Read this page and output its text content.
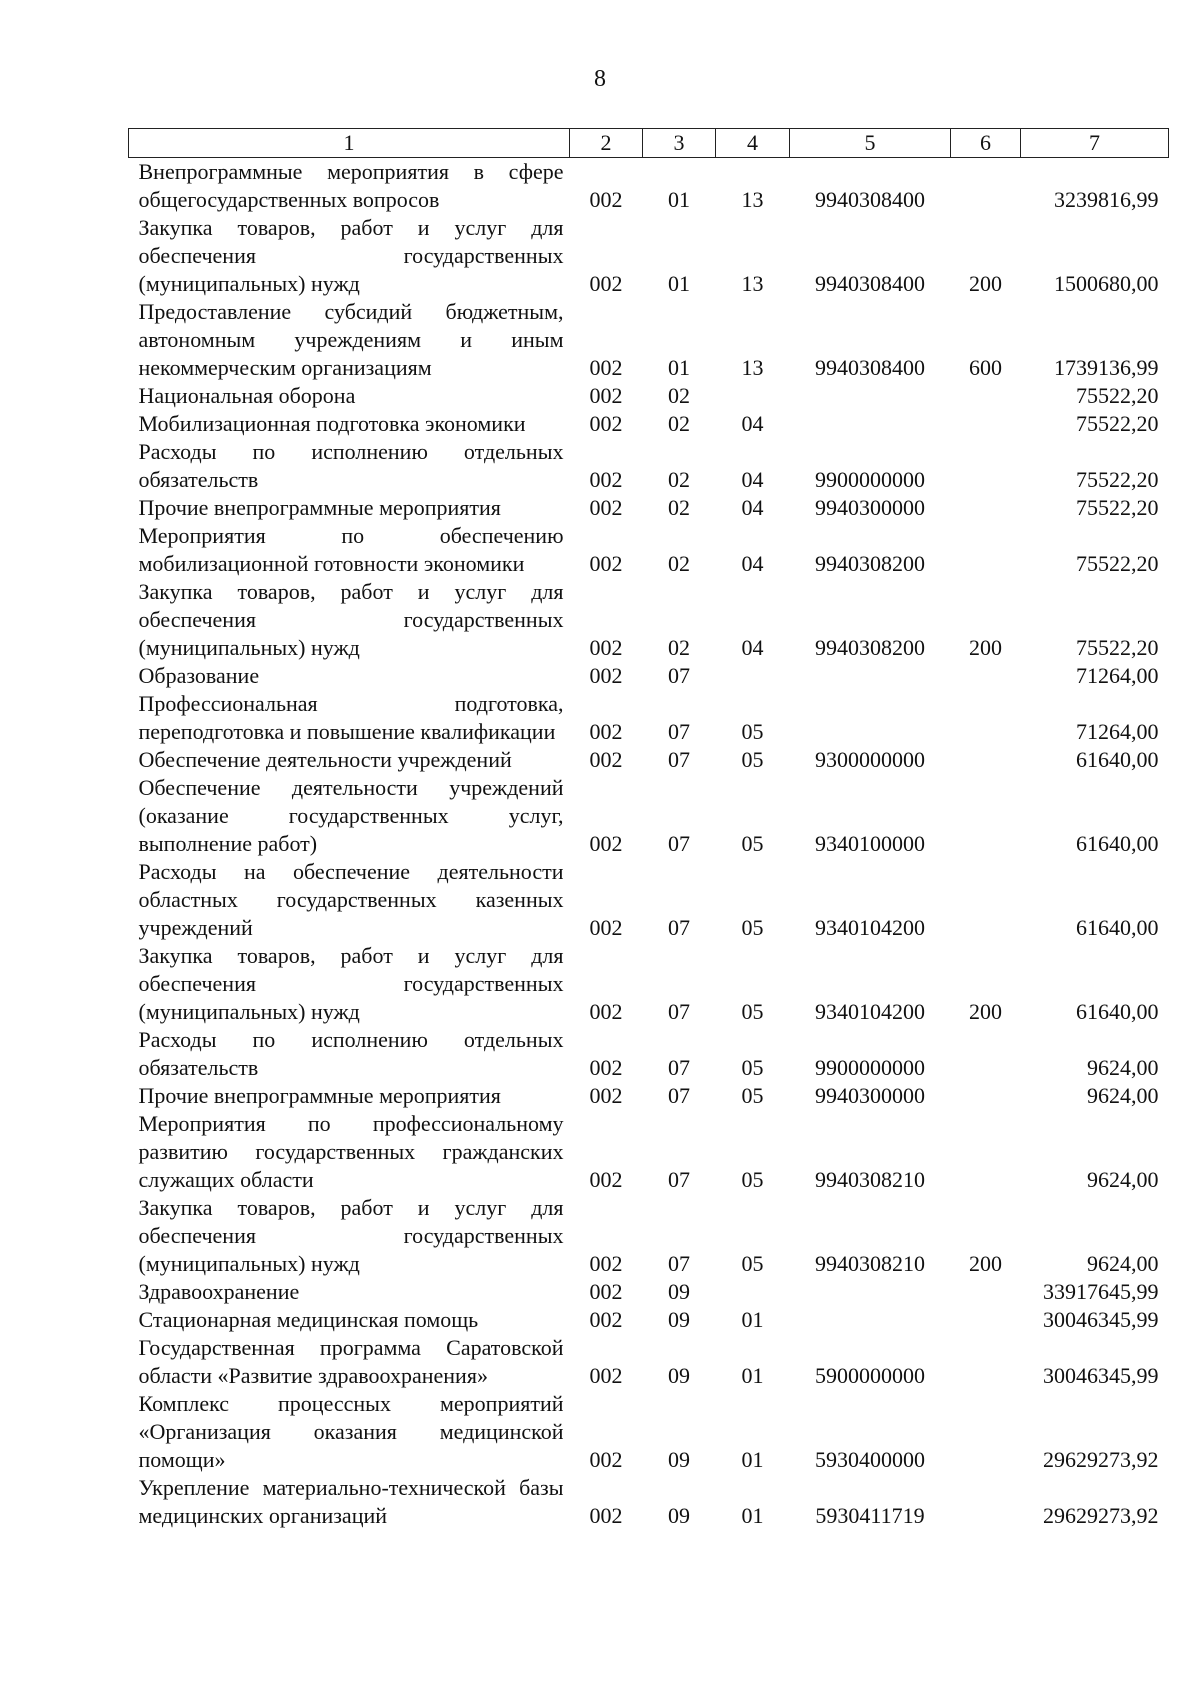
8
1	2	3	4	5	6	7
Внепрограммные мероприятия в сфере общегосударственных вопросов	002	01	13	9940308400		3239816,99
Закупка товаров, работ и услуг для обеспечения государственных (муниципальных) нужд	002	01	13	9940308400	200	1500680,00
Предоставление субсидий бюджетным, автономным учреждениям и иным некоммерческим организациям	002	01	13	9940308400	600	1739136,99
Национальная оборона	002	02				75522,20
Мобилизационная подготовка экономики	002	02	04			75522,20
Расходы по исполнению отдельных обязательств	002	02	04	9900000000		75522,20
Прочие внепрограммные мероприятия	002	02	04	9940300000		75522,20
Мероприятия по обеспечению мобилизационной готовности экономики	002	02	04	9940308200		75522,20
Закупка товаров, работ и услуг для обеспечения государственных (муниципальных) нужд	002	02	04	9940308200	200	75522,20
Образование	002	07				71264,00
Профессиональная подготовка, переподготовка и повышение квалификации	002	07	05			71264,00
Обеспечение деятельности учреждений	002	07	05	9300000000		61640,00
Обеспечение деятельности учреждений (оказание государственных услуг, выполнение работ)	002	07	05	9340100000		61640,00
Расходы на обеспечение деятельности областных государственных казенных учреждений	002	07	05	9340104200		61640,00
Закупка товаров, работ и услуг для обеспечения государственных (муниципальных) нужд	002	07	05	9340104200	200	61640,00
Расходы по исполнению отдельных обязательств	002	07	05	9900000000		9624,00
Прочие внепрограммные мероприятия	002	07	05	9940300000		9624,00
Мероприятия по профессиональному развитию государственных гражданских служащих области	002	07	05	9940308210		9624,00
Закупка товаров, работ и услуг для обеспечения государственных (муниципальных) нужд	002	07	05	9940308210	200	9624,00
Здравоохранение	002	09				33917645,99
Стационарная медицинская помощь	002	09	01			30046345,99
Государственная программа Саратовской области «Развитие здравоохранения»	002	09	01	5900000000		30046345,99
Комплекс процессных мероприятий «Организация оказания медицинской помощи»	002	09	01	5930400000		29629273,92
Укрепление материально-технической базы медицинских организаций	002	09	01	5930411719		29629273,92
